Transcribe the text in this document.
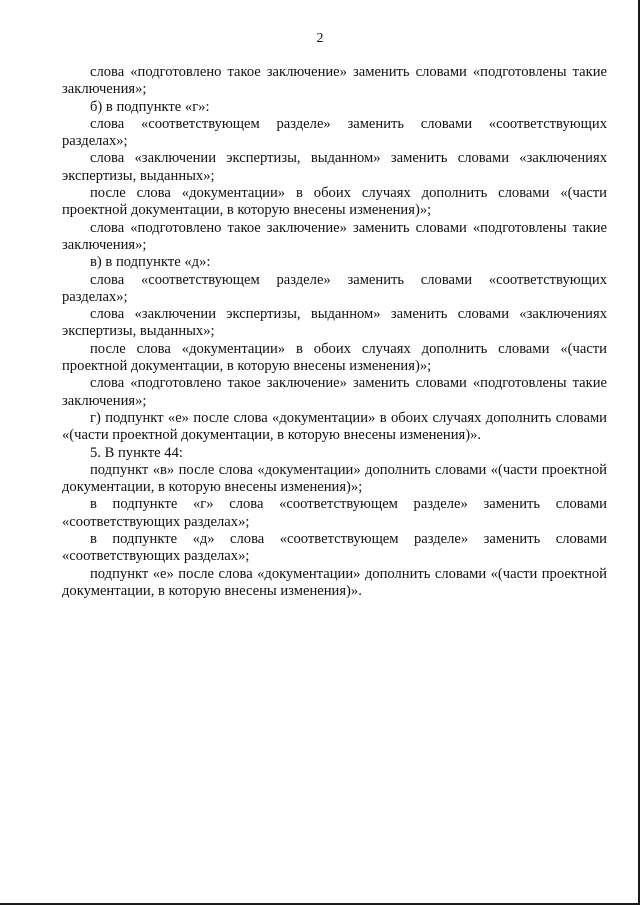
2

слова «подготовлено такое заключение» заменить словами «подготовлены такие заключения»;

б) в подпункте «г»:

слова «соответствующем разделе» заменить словами «соответствующих разделах»;

слова «заключении экспертизы, выданном» заменить словами «заключениях экспертизы, выданных»;

после слова «документации» в обоих случаях дополнить словами «(части проектной документации, в которую внесены изменения)»;

слова «подготовлено такое заключение» заменить словами «подготовлены такие заключения»;

в) в подпункте «д»:

слова «соответствующем разделе» заменить словами «соответствующих разделах»;

слова «заключении экспертизы, выданном» заменить словами «заключениях экспертизы, выданных»;

после слова «документации» в обоих случаях дополнить словами «(части проектной документации, в которую внесены изменения)»;

слова «подготовлено такое заключение» заменить словами «подготовлены такие заключения»;

г) подпункт «е» после слова «документации» в обоих случаях дополнить словами «(части проектной документации, в которую внесены изменения)».

5. В пункте 44:

подпункт «в» после слова «документации» дополнить словами «(части проектной документации, в которую внесены изменения)»;

в подпункте «г» слова «соответствующем разделе» заменить словами «соответствующих разделах»;

в подпункте «д» слова «соответствующем разделе» заменить словами «соответствующих разделах»;

подпункт «е» после слова «документации» дополнить словами «(части проектной документации, в которую внесены изменения)».
